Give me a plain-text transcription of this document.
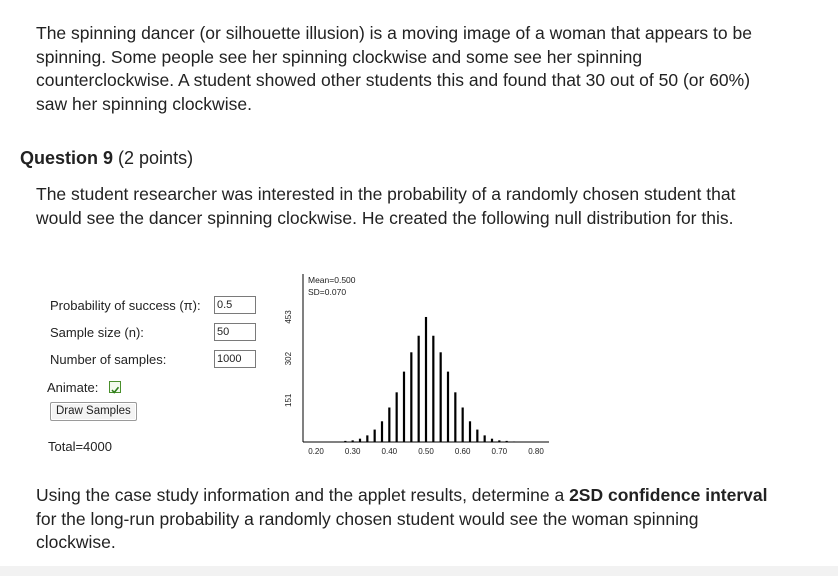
The spinning dancer (or silhouette illusion) is a moving image of a woman that appears to be spinning. Some people see her spinning clockwise and some see her spinning counterclockwise. A student showed other students this and found that 30 out of 50 (or 60%) saw her spinning clockwise.

Question 9 (2 points)

The student researcher was interested in the probability of a randomly chosen student that would see the dancer spinning clockwise. He created the following null distribution for this.

Probability of success (π): 0.5
Sample size (n):	50
Number of samples:	1000
Animate:
Draw Samples
Total=4000
Mean=0.500
SD=0.070
0.20	0.30	0.40	0.50	0.60	0.70	0.80
151
302
453

Using the case study information and the applet results, determine a 2SD confidence interval for the long-run probability a randomly chosen student would see the woman spinning clockwise.
